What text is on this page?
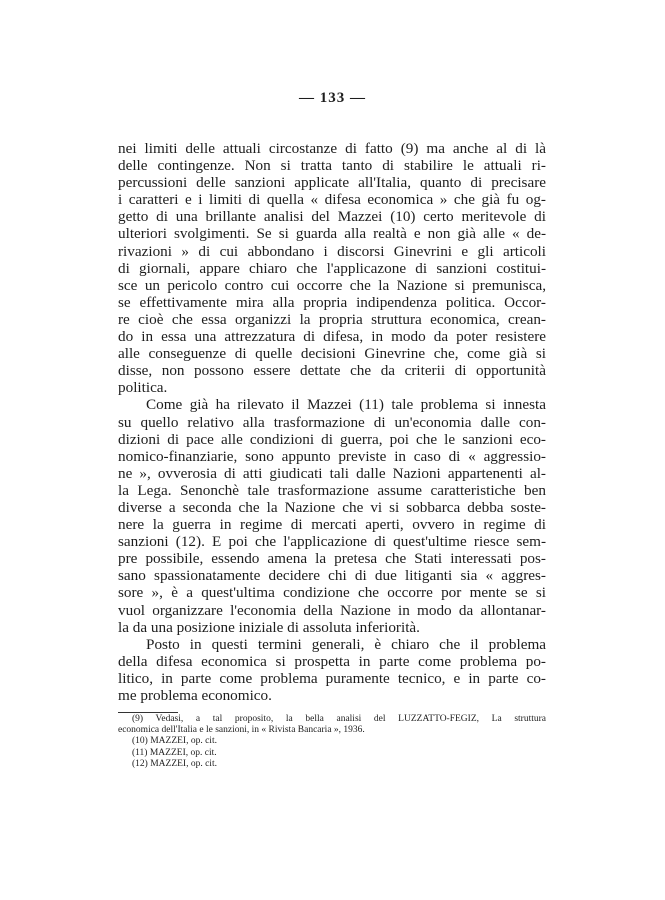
— 133 —
nei limiti delle attuali circostanze di fatto (9) ma anche al di là
delle contingenze. Non si tratta tanto di stabilire le attuali ri-
percussioni delle sanzioni applicate all'Italia, quanto di precisare
i caratteri e i limiti di quella « difesa economica » che già fu og-
getto di una brillante analisi del Mazzei (10) certo meritevole di
ulteriori svolgimenti. Se si guarda alla realtà e non già alle « de-
rivazioni » di cui abbondano i discorsi Ginevrini e gli articoli
di giornali, appare chiaro che l'applicazone di sanzioni costitui-
sce un pericolo contro cui occorre che la Nazione si premunisca,
se effettivamente mira alla propria indipendenza politica. Occor-
re cioè che essa organizzi la propria struttura economica, crean-
do in essa una attrezzatura di difesa, in modo da poter resistere
alle conseguenze di quelle decisioni Ginevrine che, come già si
disse, non possono essere dettate che da criterii di opportunità
politica.
Come già ha rilevato il Mazzei (11) tale problema si innesta
su quello relativo alla trasformazione di un'economia dalle con-
dizioni di pace alle condizioni di guerra, poi che le sanzioni eco-
nomico-finanziarie, sono appunto previste in caso di « aggressio-
ne », ovverosia di atti giudicati tali dalle Nazioni appartenenti al-
la Lega. Senonchè tale trasformazione assume caratteristiche ben
diverse a seconda che la Nazione che vi si sobbarca debba soste-
nere la guerra in regime di mercati aperti, ovvero in regime di
sanzioni (12). E poi che l'applicazione di quest'ultime riesce sem-
pre possibile, essendo amena la pretesa che Stati interessati pos-
sano spassionatamente decidere chi di due litiganti sia « aggres-
sore », è a quest'ultima condizione che occorre por mente se si
vuol organizzare l'economia della Nazione in modo da allontanar-
la da una posizione iniziale di assoluta inferiorità.
Posto in questi termini generali, è chiaro che il problema
della difesa economica si prospetta in parte come problema po-
litico, in parte come problema puramente tecnico, e in parte co-
me problema economico.
(9) Vedasi, a tal proposito, la bella analisi del LUZZATTO-FEGIZ, La struttura
economica dell'Italia e le sanzioni, in « Rivista Bancaria », 1936.
(10) MAZZEI, op. cit.
(11) MAZZEI, op. cit.
(12) MAZZEI, op. cit.
